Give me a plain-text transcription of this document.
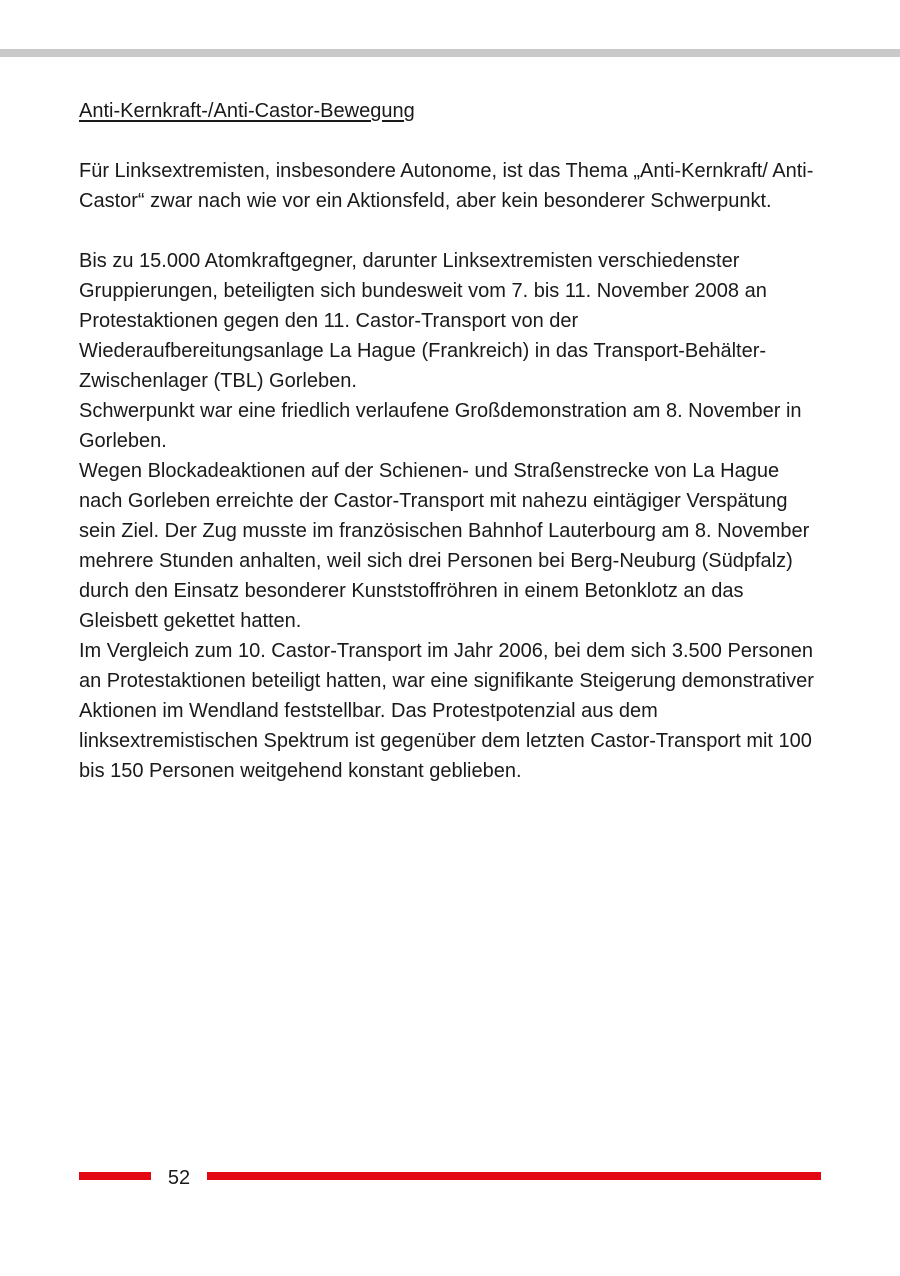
Anti-Kernkraft-/Anti-Castor-Bewegung

Für Linksextremisten, insbesondere Autonome, ist das Thema „Anti-Kernkraft/ Anti-Castor“ zwar nach wie vor ein Aktionsfeld, aber kein besonderer Schwerpunkt.

Bis zu 15.000 Atomkraftgegner, darunter Linksextremisten verschiedenster Gruppierungen, beteiligten sich bundesweit vom 7. bis 11. November 2008 an Protestaktionen gegen den 11. Castor-Transport von der Wiederaufbereitungsanlage La Hague (Frankreich) in das Transport-Behälter-Zwischenlager (TBL) Gorleben.

Schwerpunkt war eine friedlich verlaufene Großdemonstration am 8. November in Gorleben.

Wegen Blockadeaktionen auf der Schienen- und Straßenstrecke von La Hague nach Gorleben erreichte der Castor-Transport mit nahezu eintägiger Verspätung sein Ziel. Der Zug musste im französischen Bahnhof Lauterbourg am 8. November mehrere Stunden anhalten, weil sich drei Personen bei Berg-Neuburg (Südpfalz) durch den Einsatz besonderer Kunststoffröhren in einem Betonklotz an das Gleisbett gekettet hatten.

Im Vergleich zum 10. Castor-Transport im Jahr 2006, bei dem sich 3.500 Personen an Protestaktionen beteiligt hatten, war eine signifikante Steigerung demonstrativer Aktionen im Wendland feststellbar. Das Protestpotenzial aus dem linksextremistischen Spektrum ist gegenüber dem letzten Castor-Transport mit 100 bis 150 Personen weitgehend konstant geblieben.

52
